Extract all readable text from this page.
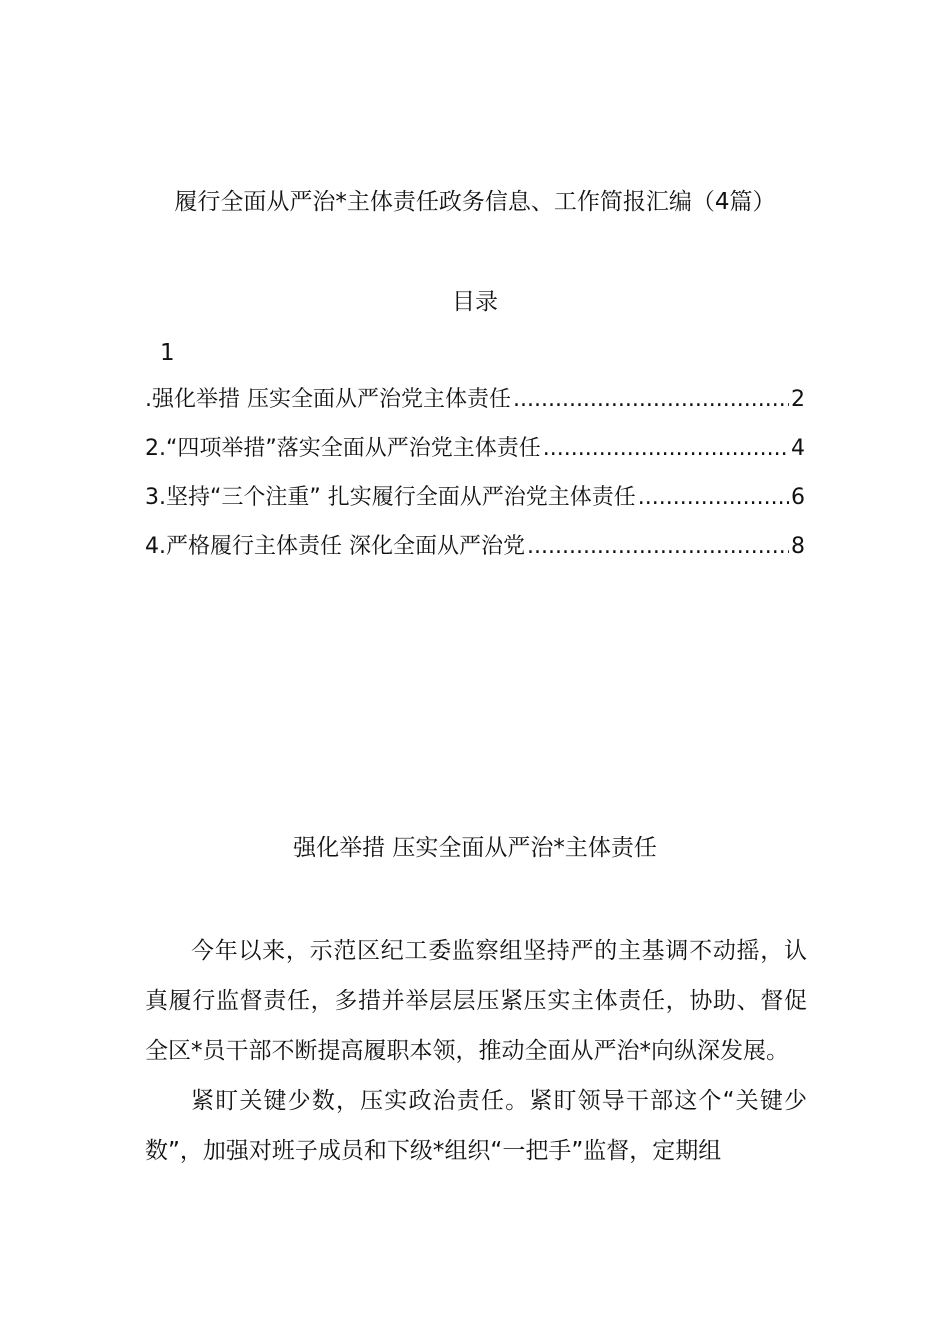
履行全面从严治*主体责任政务信息、工作简报汇编（4篇）
目录
1
.强化举措 压实全面从严治党主体责任 .....	2
2.“四项举措”落实全面从严治党主体责任 .....	4
3.坚持“三个注重” 扎实履行全面从严治党主体责任 .....	6
4.严格履行主体责任 深化全面从严治党 .....	8
强化举措 压实全面从严治*主体责任

今年以来，示范区纪工委监察组坚持严的主基调不动摇，认真履行监督责任，多措并举层层压紧压实主体责任，协助、督促全区*员干部不断提高履职本领，推动全面从严治*向纵深发展。

紧盯关键少数，压实政治责任。紧盯领导干部这个“关键少数”，加强对班子成员和下级*组织“一把手”监督，定期组
